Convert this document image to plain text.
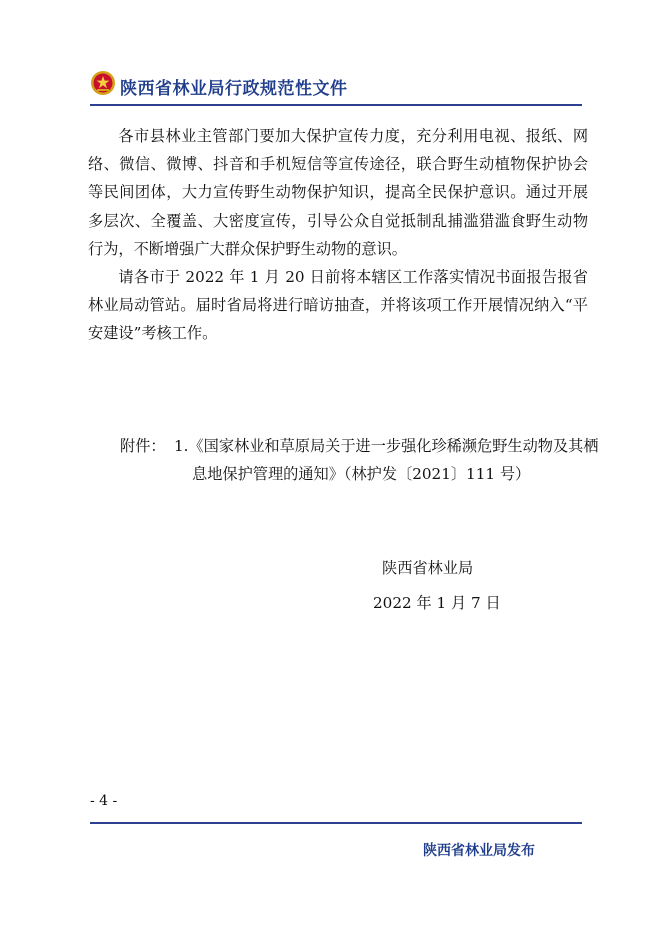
陕西省林业局行政规范性文件

各市县林业主管部门要加大保护宣传力度，充分利用电视、报纸、网络、微信、微博、抖音和手机短信等宣传途径，联合野生动植物保护协会等民间团体，大力宣传野生动物保护知识，提高全民保护意识。通过开展多层次、全覆盖、大密度宣传，引导公众自觉抵制乱捕滥猎滥食野生动物行为，不断增强广大群众保护野生动物的意识。

请各市于 2022 年 1 月 20 日前将本辖区工作落实情况书面报告报省林业局动管站。届时省局将进行暗访抽查，并将该项工作开展情况纳入“平安建设”考核工作。

附件： 1.《国家林业和草原局关于进一步强化珍稀濒危野生动物及其栖息地保护管理的通知》（林护发〔2021〕111 号）
陕西省林业局
2022 年 1 月 7 日
- 4 -
陕西省林业局发布
